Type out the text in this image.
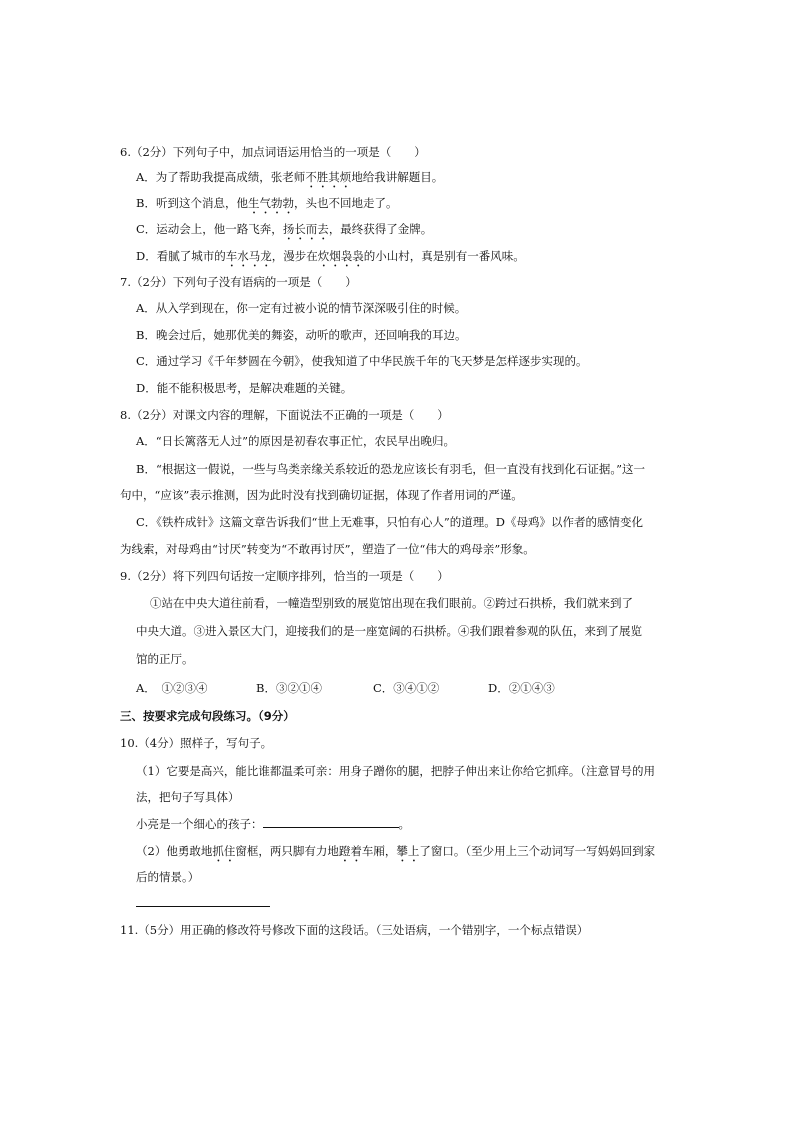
6.（2分）下列句子中，加点词语运用恰当的一项是（　　）
A．为了帮助我提高成绩，张老师不胜其烦地给我讲解题目。
B．听到这个消息，他生气勃勃，头也不回地走了。
C．运动会上，他一路飞奔，扬长而去，最终获得了金牌。
D．看腻了城市的车水马龙，漫步在炊烟袅袅的小山村，真是别有一番风味。
7.（2分）下列句子没有语病的一项是（　　）
A．从入学到现在，你一定有过被小说的情节深深吸引住的时候。
B．晚会过后，她那优美的舞姿，动听的歌声，还回响我的耳边。
C．通过学习《千年梦圆在今朝》，使我知道了中华民族千年的飞天梦是怎样逐步实现的。
D．能不能积极思考，是解决难题的关键。
8.（2分）对课文内容的理解，下面说法不正确的一项是（　　）
A．“日长篱落无人过”的原因是初春农事正忙，农民早出晚归。
B．“根据这一假说，一些与鸟类亲缘关系较近的恐龙应该长有羽毛，但一直没有找到化石证据。”这一
句中，“应该”表示推测，因为此时没有找到确切证据，体现了作者用词的严谨。
C．《铁杵成针》这篇文章告诉我们“世上无难事，只怕有心人”的道理。D《母鸡》以作者的感情变化
为线索，对母鸡由“讨厌”转变为“不敢再讨厌”，塑造了一位“伟大的鸡母亲”形象。
9.（2分）将下列四句话按一定顺序排列，恰当的一项是（　　）
①站在中央大道往前看，一幢造型别致的展览馆出现在我们眼前。②跨过石拱桥，我们就来到了
中央大道。③进入景区大门，迎接我们的是一座宽阔的石拱桥。④我们跟着参观的队伍，来到了展览
馆的正厅。
A．　①②③④	B．③②①④	C．③④①②	D．②①④③
三、按要求完成句段练习。（9分）
10.（4分）照样子，写句子。
（1）它要是高兴，能比谁都温柔可亲：用身子蹭你的腿，把脖子伸出来让你给它抓痒。（注意冒号的用
法，把句子写具体）
小亮是一个细心的孩子：	。
（2）他勇敢地抓住窗框，两只脚有力地蹬着车厢，攀上了窗口。（至少用上三个动词写一写妈妈回到家
后的情景。）
11.（5分）用正确的修改符号修改下面的这段话。（三处语病，一个错别字，一个标点错误）
